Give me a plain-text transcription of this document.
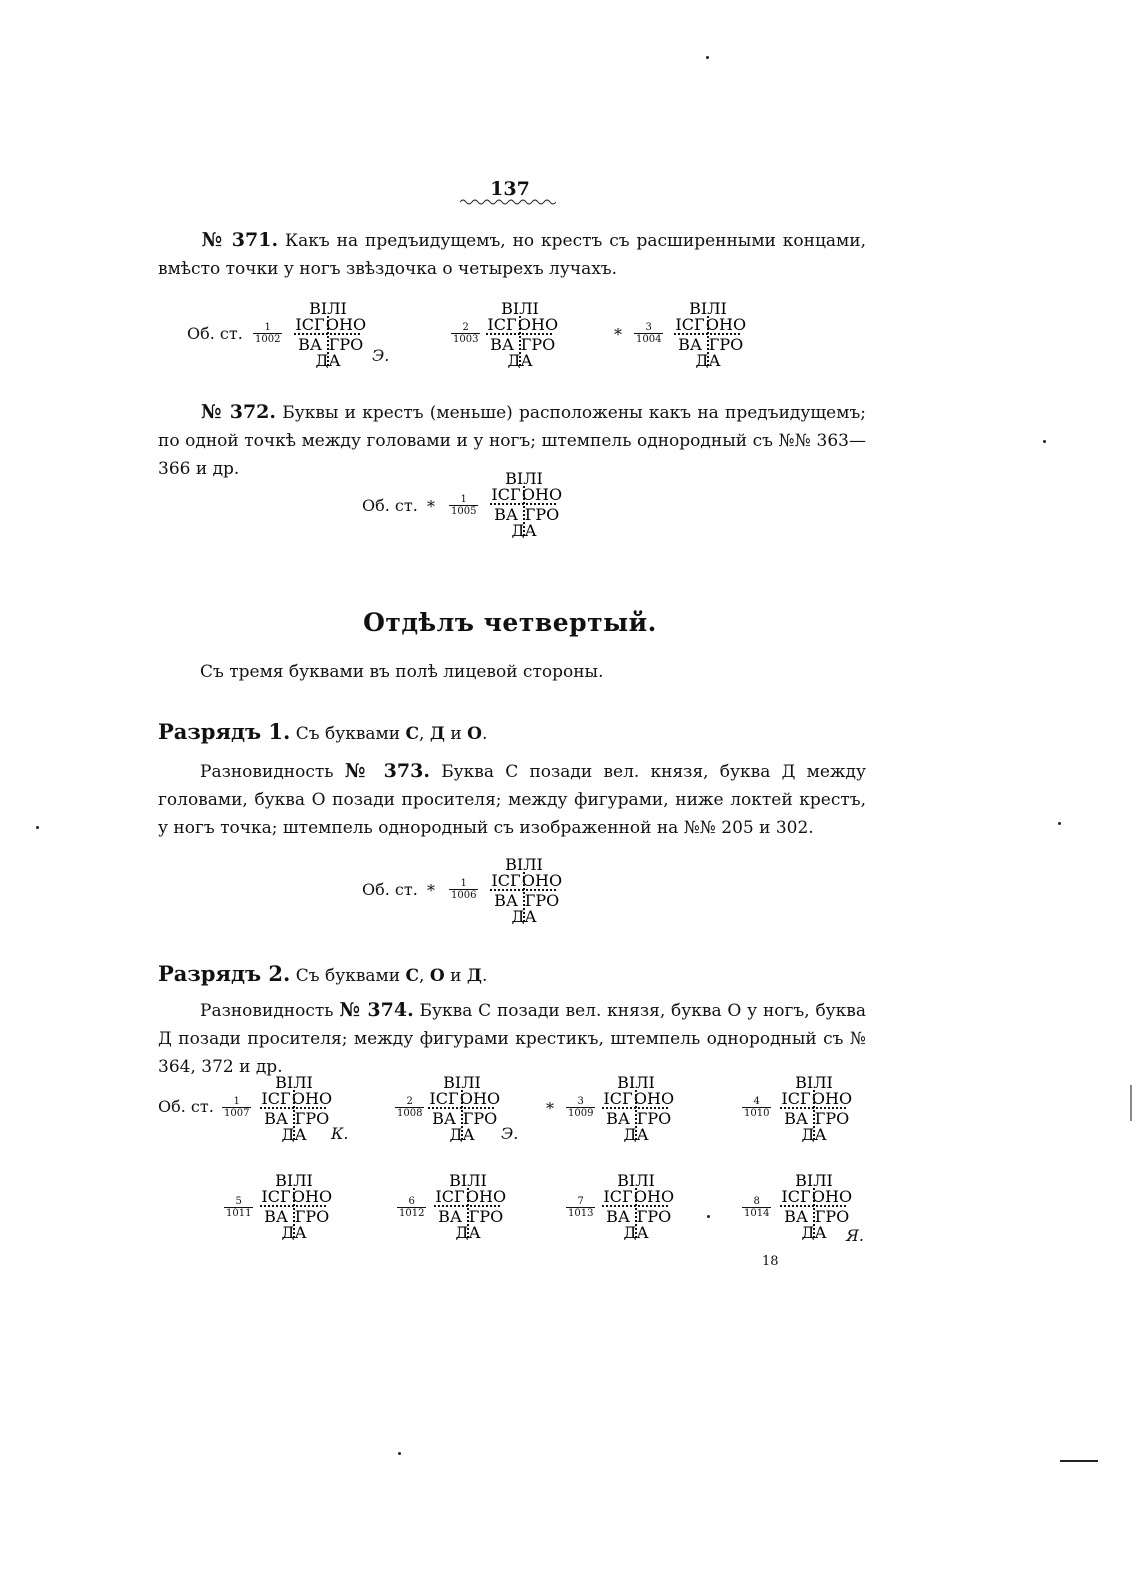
137
№ 371. Какъ на предъидущемъ, но крестъ съ расширенными концами, вмѣсто точки у ногъ звѣздочка о четырехъ лучахъ.
Об. ст. $\frac{1}{1002}$
Э.
$\frac{2}{1003}$	* $\frac{3}{1004}$
№ 372. Буквы и крестъ (меньше) расположены какъ на предъидущемъ; по одной точкѣ между головами и у ногъ; штемпель однородный съ №№ 363—366 и др.
Об. ст. * $\frac{1}{1005}$
Отдѣлъ четвертый.
Съ тремя буквами въ полѣ лицевой стороны.
Разрядъ 1. Съ буквами С, Д и О.
Разновидность № 373. Буква С позади вел. князя, буква Д между головами, буква О позади просителя; между фигурами, ниже локтей крестъ, у ногъ точка; штемпель однородный съ изображенной на №№ 205 и 302.
Об. ст. * $\frac{1}{1006}$
Разрядъ 2. Съ буквами С, О и Д.
Разновидность № 374. Буква С позади вел. князя, буква О у ногъ, буква Д позади просителя; между фигурами крестикъ, штемпель однородный съ № 364, 372 и др.
Об. ст. $\frac{1}{1007}$
К.
$\frac{2}{1008}$
Э.
* $\frac{3}{1009}$	$\frac{4}{1010}$
$\frac{5}{1011}$	$\frac{6}{1012}$	$\frac{7}{1013}$	$\frac{8}{1014}$
Я.
18
